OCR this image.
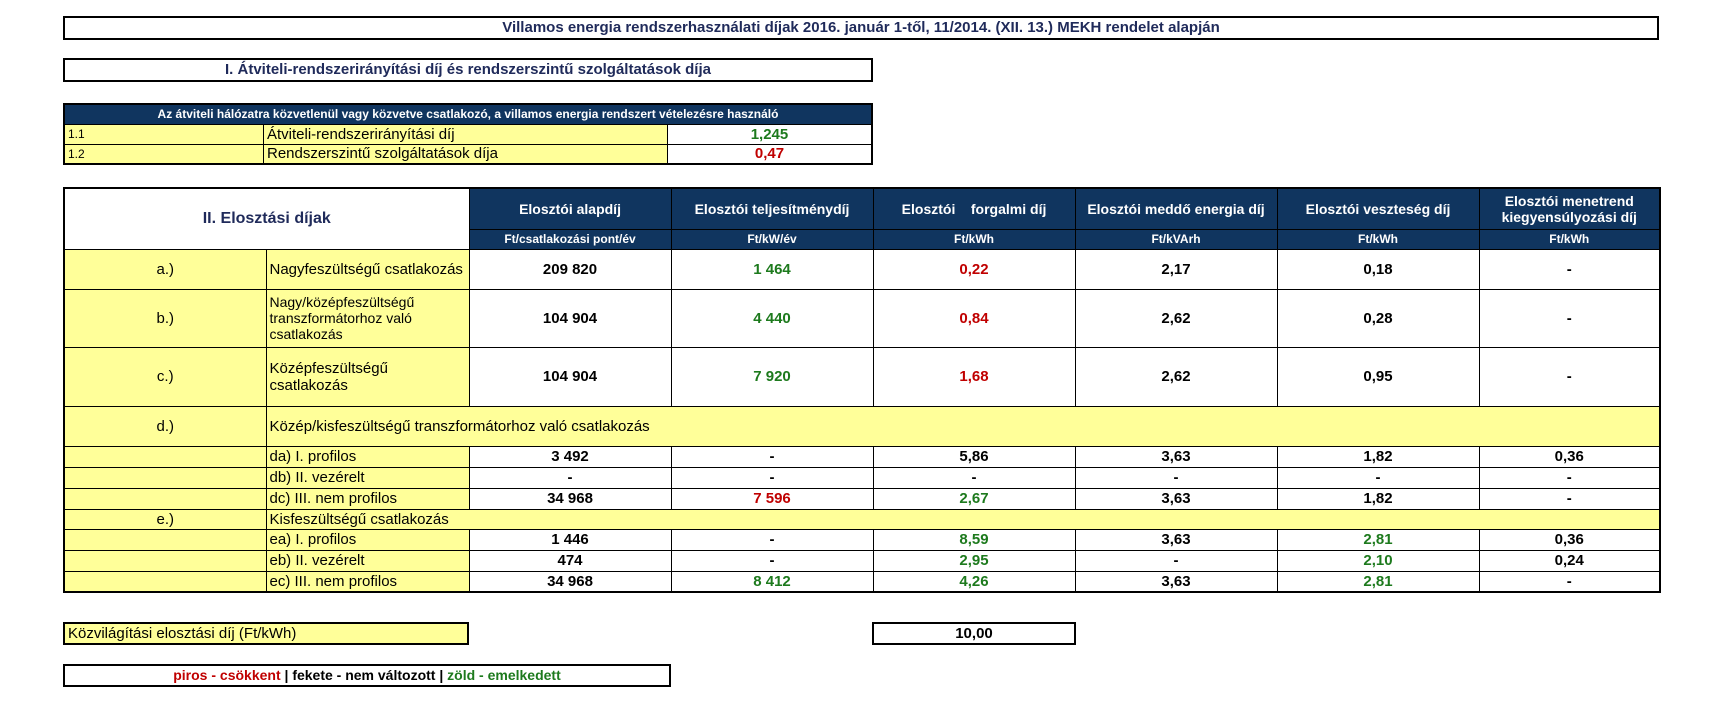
Villamos energia rendszerhasználati díjak 2016. január 1-től, 11/2014. (XII. 13.) MEKH rendelet alapján
I. Átviteli-rendszerirányítási díj és rendszerszintű szolgáltatások díja
Az átviteli hálózatra közvetlenül vagy közvetve csatlakozó, a villamos energia rendszert vételezésre használó		
1.1	Átviteli-rendszerirányítási díj	1,245
1.2	Rendszerszintű szolgáltatások díja	0,47
II. Elosztási díjak		Elosztói alapdíj	Elosztói teljesítménydíj	Elosztói    forgalmi díj	Elosztói meddő energia díj	Elosztói veszteség díj	Elosztói menetrend kiegyensúlyozási díj
		Ft/csatlakozási pont/év	Ft/kW/év	Ft/kWh	Ft/kVArh	Ft/kWh	Ft/kWh
a.)	Nagyfeszültségű csatlakozás	209 820	1 464	0,22	2,17	0,18	-
b.)	Nagy/középfeszültségű transzformátorhoz való csatlakozás	104 904	4 440	0,84	2,62	0,28	-
c.)	Középfeszültségű csatlakozás	104 904	7 920	1,68	2,62	0,95	-
d.)	Közép/kisfeszültségű transzformátorhoz való csatlakozás						
	da) I. profilos	3 492	-	5,86	3,63	1,82	0,36
	db) II. vezérelt	-	-	-	-	-	-
	dc) III. nem profilos	34 968	7 596	2,67	3,63	1,82	-
e.)	Kisfeszültségű csatlakozás						
	ea) I. profilos	1 446	-	8,59	3,63	2,81	0,36
	eb) II. vezérelt	474	-	2,95	-	2,10	0,24
	ec) III. nem profilos	34 968	8 412	4,26	3,63	2,81	-
Közvilágítási elosztási díj (Ft/kWh)	10,00
piros - csökkent | fekete - nem változott | zöld - emelkedett
